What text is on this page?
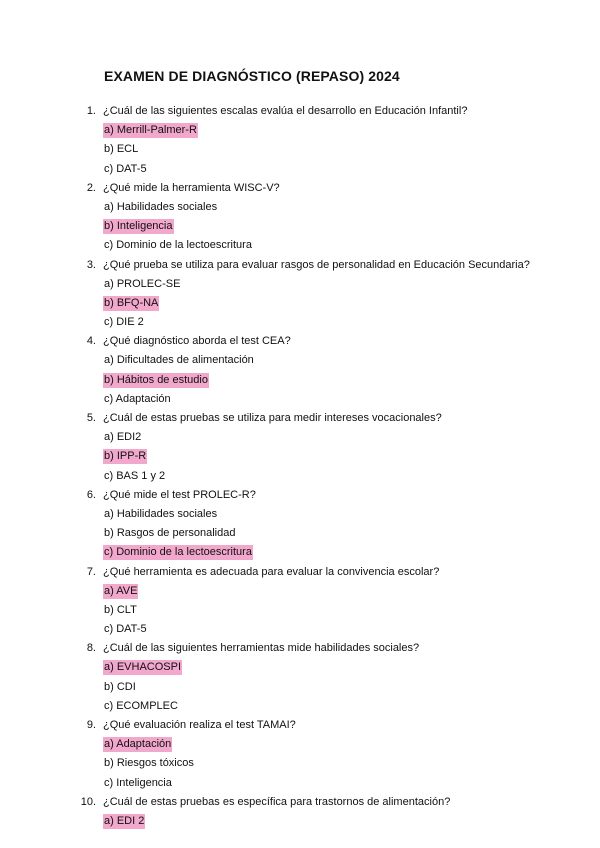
EXAMEN DE DIAGNÓSTICO (REPASO) 2024
1. ¿Cuál de las siguientes escalas evalúa el desarrollo en Educación Infantil?
a) Merrill-Palmer-R
b) ECL
c) DAT-5
2. ¿Qué mide la herramienta WISC-V?
a) Habilidades sociales
b) Inteligencia
c) Dominio de la lectoescritura
3. ¿Qué prueba se utiliza para evaluar rasgos de personalidad en Educación Secundaria?
a) PROLEC-SE
b) BFQ-NA
c) DIE 2
4. ¿Qué diagnóstico aborda el test CEA?
a) Dificultades de alimentación
b) Hábitos de estudio
c) Adaptación
5. ¿Cuál de estas pruebas se utiliza para medir intereses vocacionales?
a) EDI2
b) IPP-R
c) BAS 1 y 2
6. ¿Qué mide el test PROLEC-R?
a) Habilidades sociales
b) Rasgos de personalidad
c) Dominio de la lectoescritura
7. ¿Qué herramienta es adecuada para evaluar la convivencia escolar?
a) AVE
b) CLT
c) DAT-5
8. ¿Cuál de las siguientes herramientas mide habilidades sociales?
a) EVHACOSPI
b) CDI
c) ECOMPLEC
9. ¿Qué evaluación realiza el test TAMAI?
a) Adaptación
b) Riesgos tóxicos
c) Inteligencia
10. ¿Cuál de estas pruebas es específica para trastornos de alimentación?
a) EDI 2
